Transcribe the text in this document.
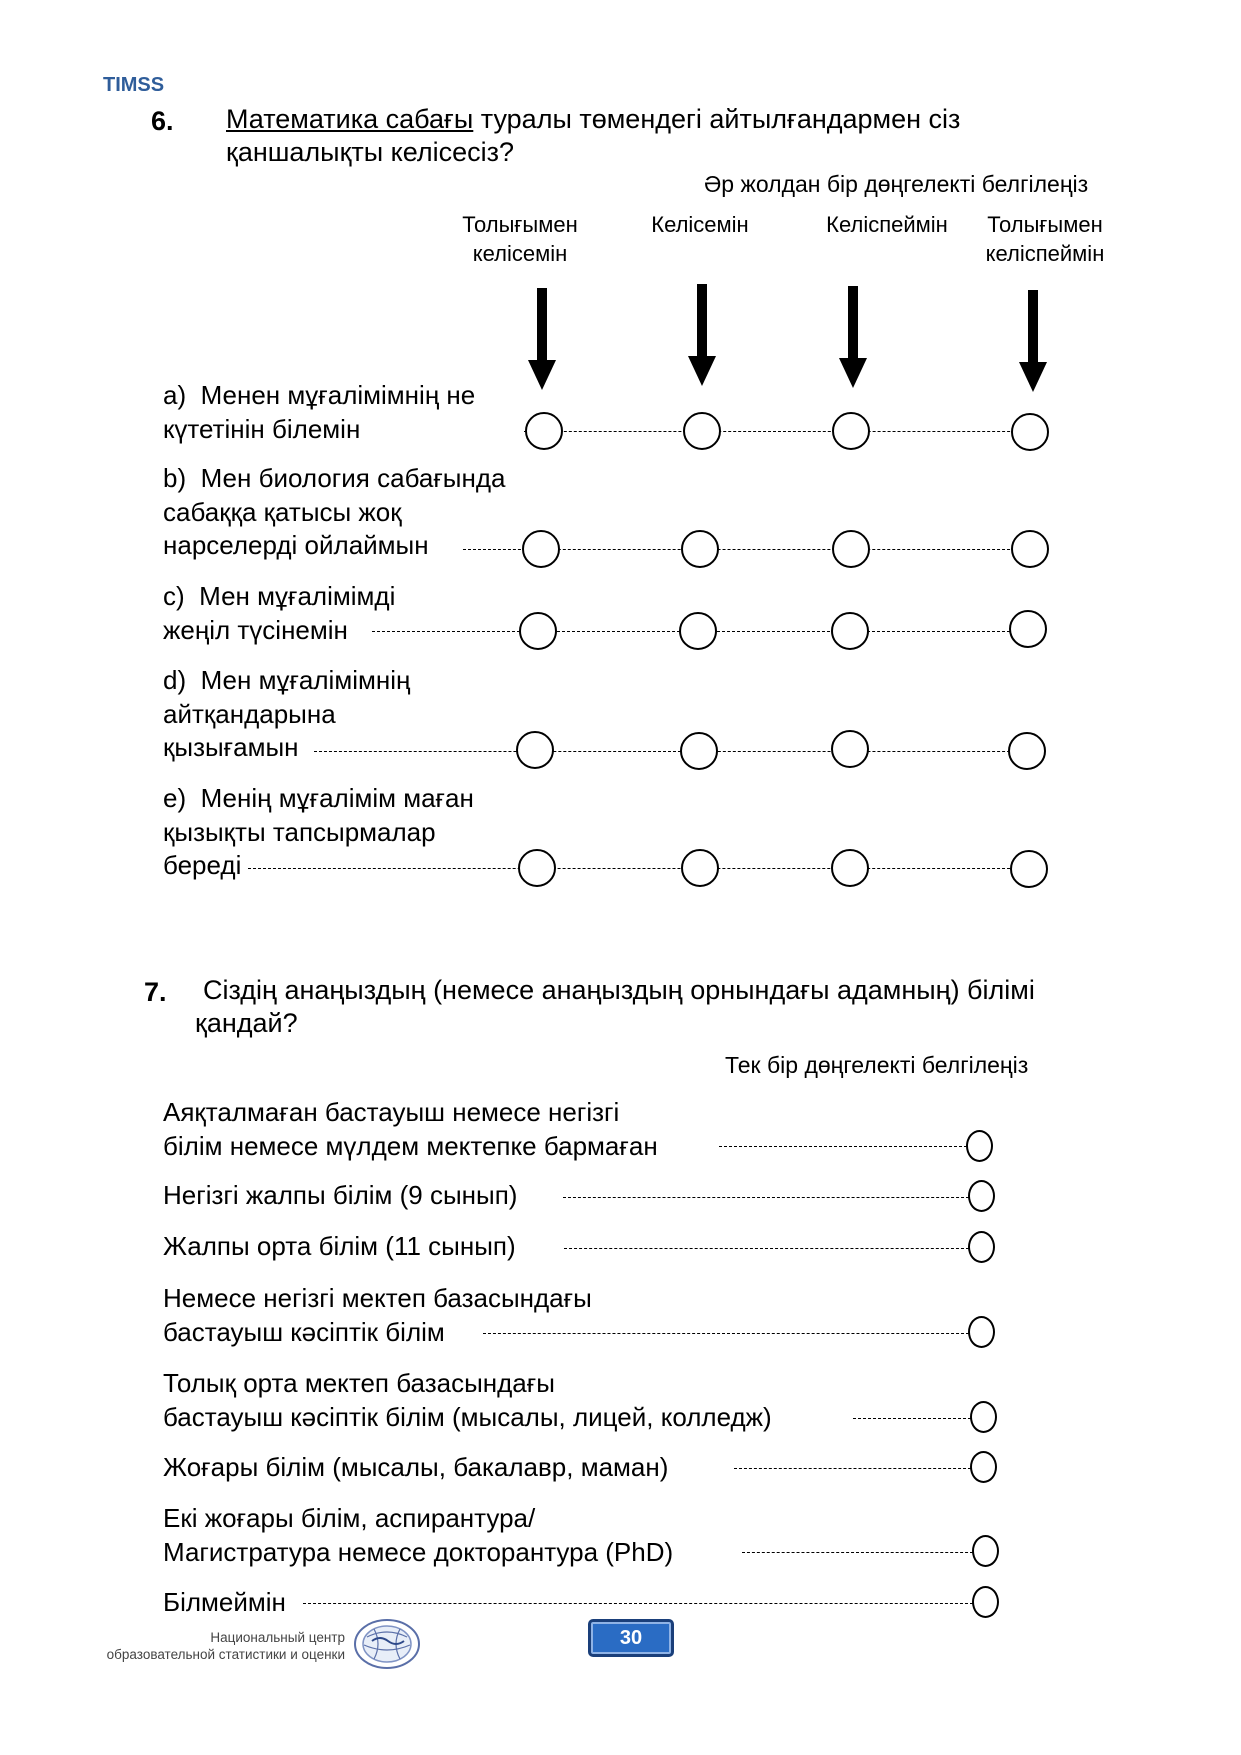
TIMSS
6. Математика сабағы туралы төмендегі айтылғандармен сіз
қаншалықты келісесіз?
Әр жолдан бір дөңгелекті белгілеңіз
Толығымен
келісемін
Келісемін	Келіспеймін	Толығымен
келіспеймін
a) Менен мұғалімімнің не
күтетінін білемін
b) Мен биология сабағында
сабаққа қатысы жоқ
нарселерді ойлаймын
c) Мен мұғалімімді
жеңіл түсінемін
d) Мен мұғалімімнің
айтқандарына
қызығамын
e) Менің мұғалімім маған
қызықты тапсырмалар
береді
7. Сіздің анаңыздың (немесе анаңыздың орнындағы адамның) білімі
қандай?
Тек бір дөңгелекті белгілеңіз
Аяқталмаған бастауыш немесе негізгі
білім немесе мүлдем мектепке бармаған
Негізгі жалпы білім (9 сынып)
Жалпы орта білім (11 сынып)
Немесе негізгі мектеп базасындағы
бастауыш кәсіптік білім
Толық орта мектеп базасындағы
бастауыш кәсіптік білім (мысалы, лицей, колледж)
Жоғары білім (мысалы, бакалавр, маман)
Екі жоғары білім, аспирантура/
Магистратура немесе докторантура (PhD)
Білмеймін
30
Национальный центр
образовательной статистики и оценки
